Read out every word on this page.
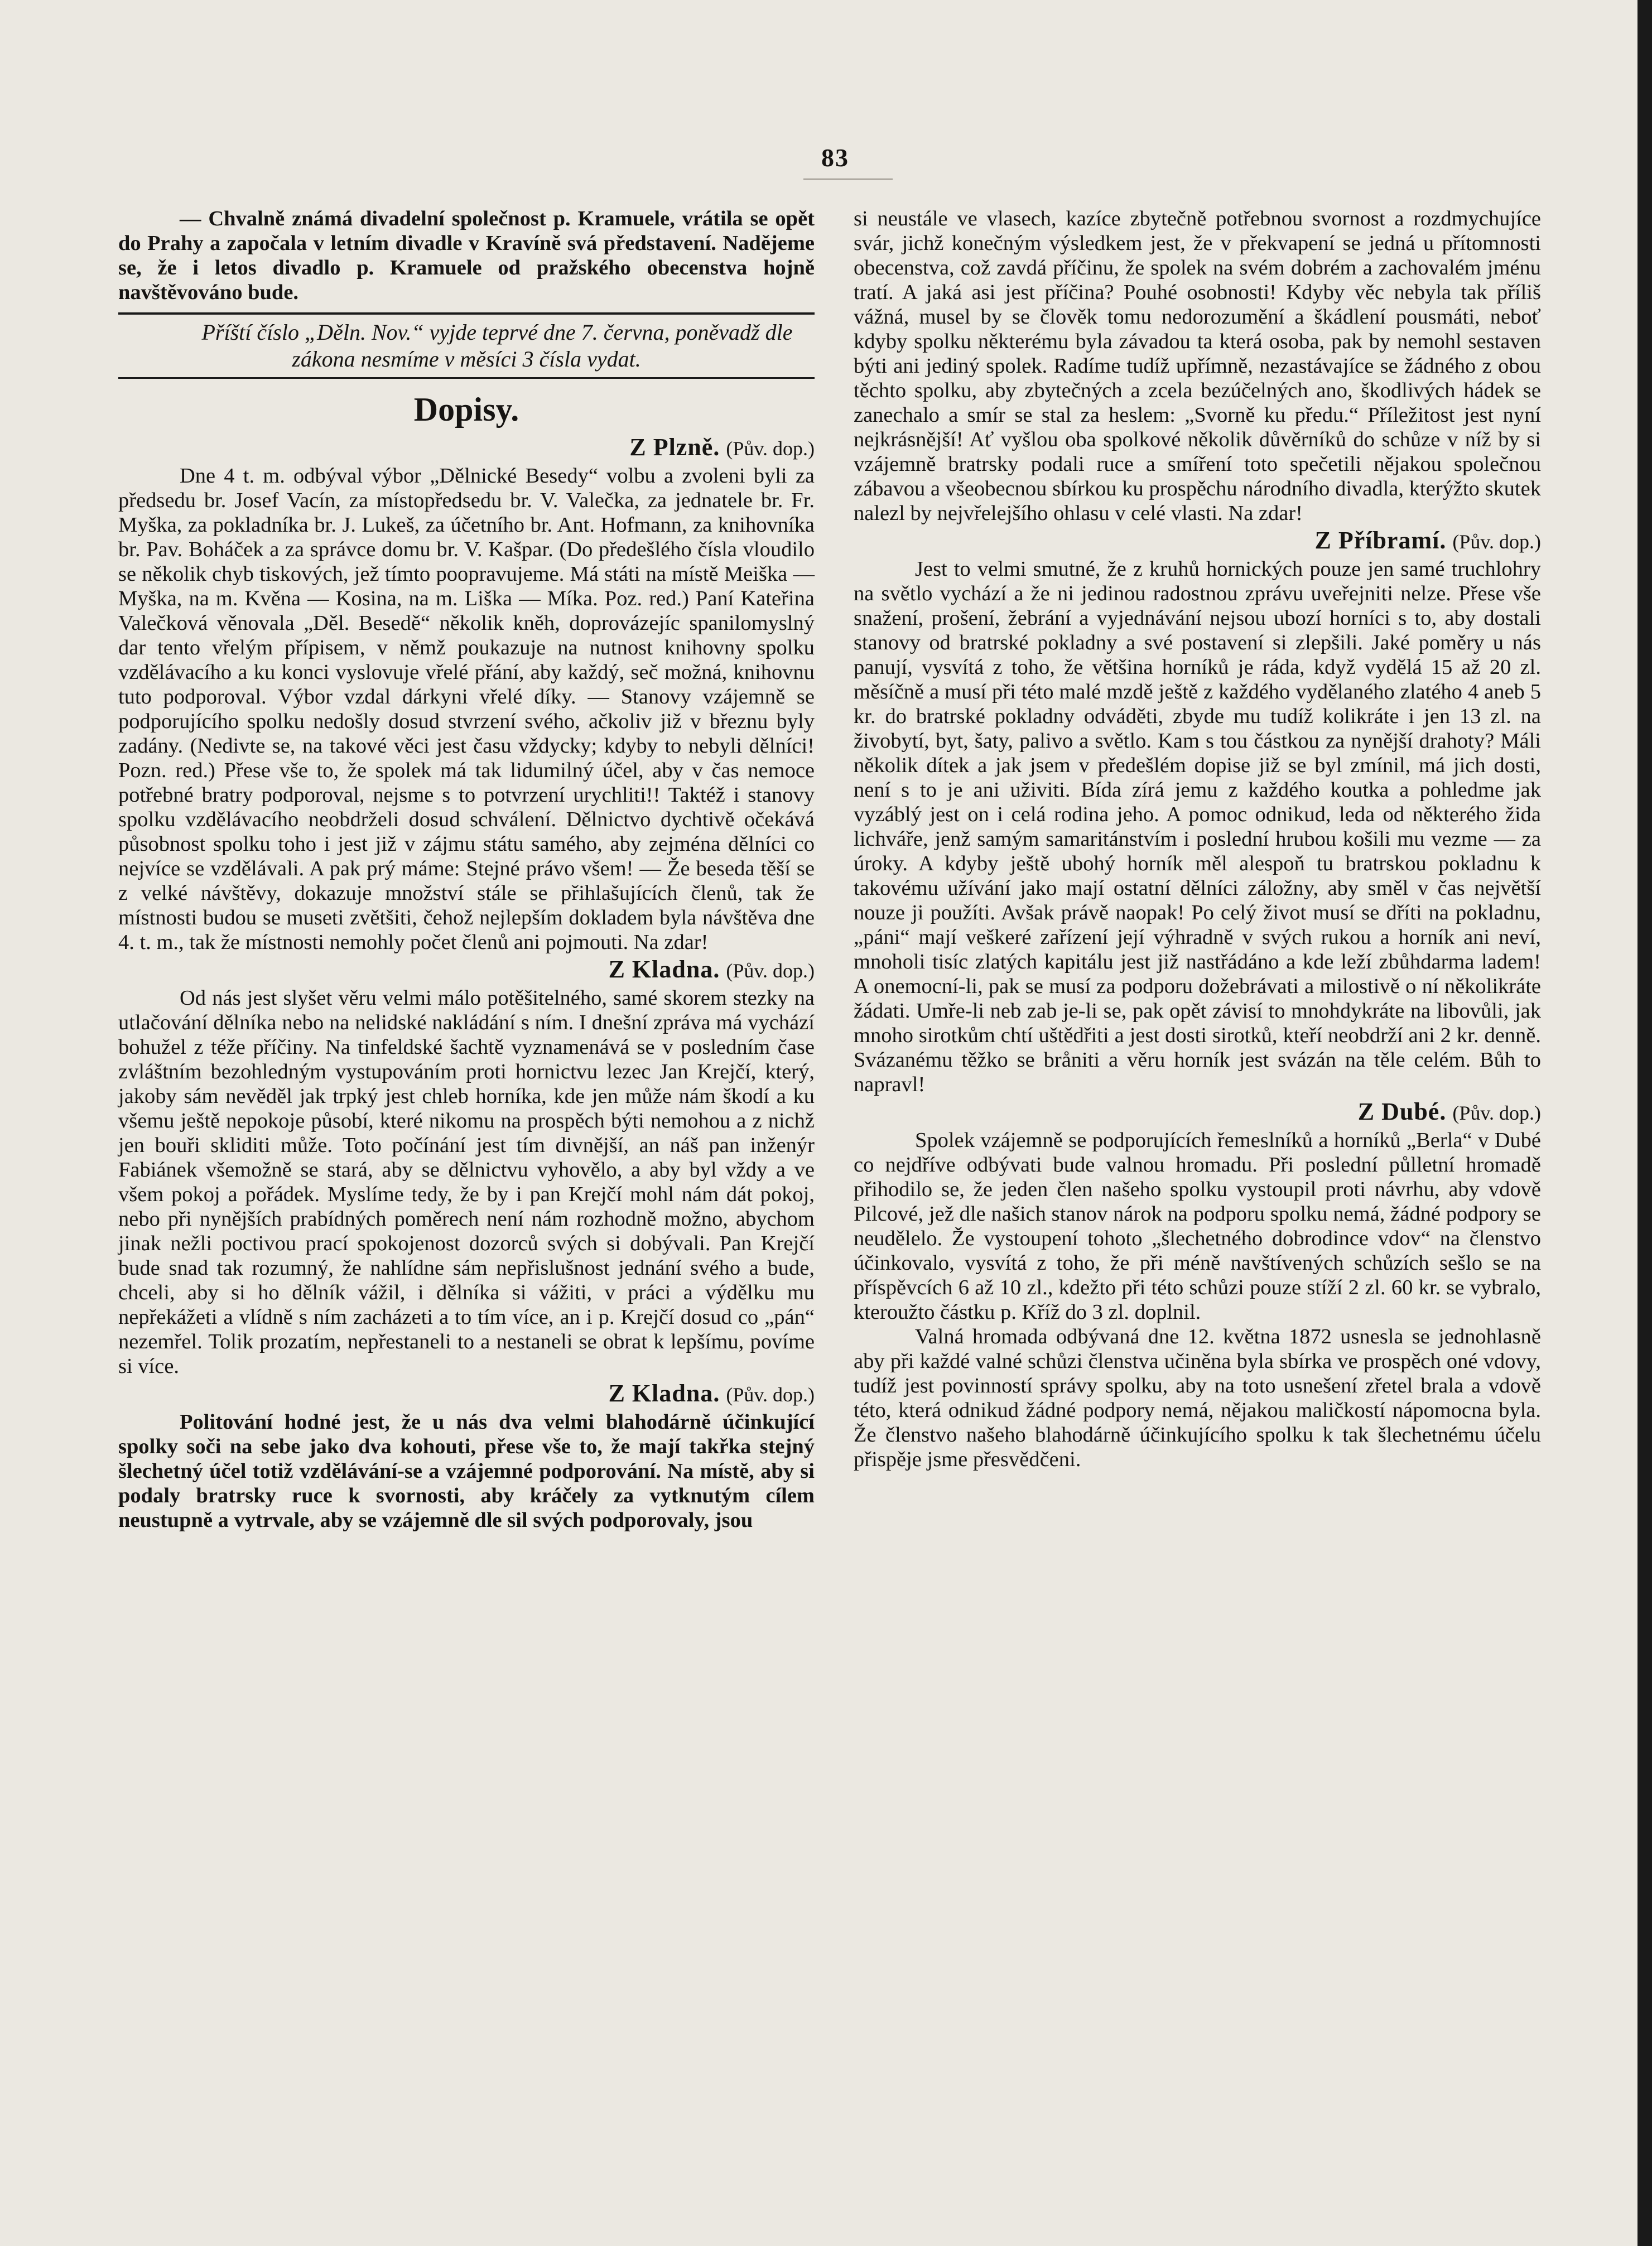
83

— Chvalně známá divadelní společnost p. Kramuele, vrátila se opět do Prahy a započala v letním divadle v Kravíně svá představení. Nadějeme se, že i letos divadlo p. Kramuele od pražského obecenstva hojně navštěvováno bude.

Příští číslo „Děln. Nov.“ vyjde teprvé dne 7. června, poněvadž dle zákona nesmíme v měsíci 3 čísla vydat.

Dopisy.

Z Plzně. (Pův. dop.)

Dne 4 t. m. odbýval výbor „Dělnické Besedy“ volbu a zvoleni byli za předsedu br. Josef Vacín, za místopředsedu br. V. Valečka, za jednatele br. Fr. Myška, za pokladníka br. J. Lukeš, za účetního br. Ant. Hofmann, za knihovníka br. Pav. Boháček a za správce domu br. V. Kašpar. (Do předešlého čísla vloudilo se několik chyb tiskových, jež tímto poopravujeme. Má státi na místě Meiška — Myška, na m. Kvěna — Kosina, na m. Liška — Míka. Poz. red.) Paní Kateřina Valečková věnovala „Děl. Besedě“ několik kněh, doprovázejíc spanilomyslný dar tento vřelým přípisem, v němž poukazuje na nutnost knihovny spolku vzdělávacího a ku konci vyslovuje vřelé přání, aby každý, seč možná, knihovnu tuto podporoval. Výbor vzdal dárkyni vřelé díky. — Stanovy vzájemně se podporujícího spolku nedošly dosud stvrzení svého, ačkoliv již v březnu byly zadány. (Nedivte se, na takové věci jest času vždycky; kdyby to nebyli dělníci! Pozn. red.) Přese vše to, že spolek má tak lidumilný účel, aby v čas nemoce potřebné bratry podporoval, nejsme s to potvrzení urychliti!! Taktéž i stanovy spolku vzdělávacího neobdrželi dosud schválení. Dělnictvo dychtivě očekává působnost spolku toho i jest již v zájmu státu samého, aby zejména dělníci co nejvíce se vzdělávali. A pak prý máme: Stejné právo všem! — Že beseda těší se z velké návštěvy, dokazuje množství stále se přihlašujících členů, tak že místnosti budou se museti zvětšiti, čehož nejlepším dokladem byla návštěva dne 4. t. m., tak že místnosti nemohly počet členů ani pojmouti. Na zdar!

Z Kladna. (Pův. dop.)

Od nás jest slyšet věru velmi málo potěšitelného, samé skorem stezky na utlačování dělníka nebo na nelidské nakládání s ním. I dnešní zpráva má vychází bohužel z téže příčiny. Na tinfeldské šachtě vyznamenává se v posledním čase zvláštním bezohledným vystupováním proti hornictvu lezec Jan Krejčí, který, jakoby sám nevěděl jak trpký jest chleb horníka, kde jen může nám škodí a ku všemu ještě nepokoje působí, které nikomu na prospěch býti nemohou a z nichž jen bouři skliditi může. Toto počínání jest tím divnější, an náš pan inženýr Fabiánek všemožně se stará, aby se dělnictvu vyhovělo, a aby byl vždy a ve všem pokoj a pořádek. Myslíme tedy, že by i pan Krejčí mohl nám dát pokoj, nebo při nynějších prabídných poměrech není nám rozhodně možno, abychom jinak nežli poctivou prací spokojenost dozorců svých si dobývali. Pan Krejčí bude snad tak rozumný, že nahlídne sám nepřislušnost jednání svého a bude, chceli, aby si ho dělník vážil, i dělníka si vážiti, v práci a výdělku mu nepřekážeti a vlídně s ním zacházeti a to tím více, an i p. Krejčí dosud co „pán“ nezemřel. Tolik prozatím, nepřestaneli to a nestaneli se obrat k lepšímu, povíme si více.

Z Kladna. (Pův. dop.)

Politování hodné jest, že u nás dva velmi blahodárně účinkující spolky soči na sebe jako dva kohouti, přese vše to, že mají takřka stejný šlechetný účel totiž vzdělávání-se a vzájemné podporování. Na místě, aby si podaly bratrsky ruce k svornosti, aby kráčely za vytknutým cílem neustupně a vytrvale, aby se vzájemně dle sil svých podporovaly, jsou

si neustále ve vlasech, kazíce zbytečně potřebnou svornost a rozdmychujíce svár, jichž konečným výsledkem jest, že v překvapení se jedná u přítomnosti obecenstva, což zavdá příčinu, že spolek na svém dobrém a zachovalém jménu tratí. A jaká asi jest příčina? Pouhé osobnosti! Kdyby věc nebyla tak příliš vážná, musel by se člověk tomu nedorozumění a škádlení pousmáti, neboť kdyby spolku některému byla závadou ta která osoba, pak by nemohl sestaven býti ani jediný spolek. Radíme tudíž upřímně, nezastávajíce se žádného z obou těchto spolku, aby zbytečných a zcela bezúčelných ano, škodlivých hádek se zanechalo a smír se stal za heslem: „Svorně ku předu.“ Příležitost jest nyní nejkrásnější! Ať vyšlou oba spolkové několik důvěrníků do schůze v níž by si vzájemně bratrsky podali ruce a smíření toto spečetili nějakou společnou zábavou a všeobecnou sbírkou ku prospěchu národního divadla, kterýžto skutek nalezl by nejvřelejšího ohlasu v celé vlasti. Na zdar!

Z Příbramí. (Pův. dop.)

Jest to velmi smutné, že z kruhů hornických pouze jen samé truchlohry na světlo vychází a že ni jedinou radostnou zprávu uveřejniti nelze. Přese vše snažení, prošení, žebrání a vyjednávání nejsou ubozí horníci s to, aby dostali stanovy od bratrské pokladny a své postavení si zlepšili. Jaké poměry u nás panují, vysvítá z toho, že většina horníků je ráda, když vydělá 15 až 20 zl. měsíčně a musí při této malé mzdě ještě z každého vydělaného zlatého 4 aneb 5 kr. do bratrské pokladny odváděti, zbyde mu tudíž kolikráte i jen 13 zl. na živobytí, byt, šaty, palivo a světlo. Kam s tou částkou za nynější drahoty? Máli několik dítek a jak jsem v předešlém dopise již se byl zmínil, má jich dosti, není s to je ani uživiti. Bída zírá jemu z každého koutka a pohledme jak vyzáblý jest on i celá rodina jeho. A pomoc odnikud, leda od některého žida lichváře, jenž samým samaritánstvím i poslední hrubou košili mu vezme — za úroky. A kdyby ještě ubohý horník měl alespoň tu bratrskou pokladnu k takovému užívání jako mají ostatní dělníci záložny, aby směl v čas největší nouze ji použíti. Avšak právě naopak! Po celý život musí se dříti na pokladnu, „páni“ mají veškeré zařízení její výhradně v svých rukou a horník ani neví, mnoholi tisíc zlatých kapitálu jest již nastřádáno a kde leží zbůhdarma ladem! A onemocní-li, pak se musí za podporu dožebrávati a milostivě o ní několikráte žádati. Umře-li neb zab je-li se, pak opět závisí to mnohdykráte na libovůli, jak mnoho sirotkům chtí uštědřiti a jest dosti sirotků, kteří neobdrží ani 2 kr. denně. Svázanému těžko se bråniti a věru horník jest svázán na těle celém. Bůh to napravl!

Z Dubé. (Pův. dop.)

Spolek vzájemně se podporujících řemeslníků a horníků „Berla“ v Dubé co nejdříve odbývati bude valnou hromadu. Při poslední půlletní hromadě přihodilo se, že jeden člen našeho spolku vystoupil proti návrhu, aby vdově Pilcové, jež dle našich stanov nárok na podporu spolku nemá, žádné podpory se neudělelo. Že vystoupení tohoto „šlechetného dobrodince vdov“ na členstvo účinkovalo, vysvítá z toho, že při méně navštívených schůzích sešlo se na příspěvcích 6 až 10 zl., kdežto při této schůzi pouze stíží 2 zl. 60 kr. se vybralo, kteroužto částku p. Kříž do 3 zl. doplnil.

Valná hromada odbývaná dne 12. května 1872 usnesla se jednohlasně aby při každé valné schůzi členstva učiněna byla sbírka ve prospěch oné vdovy, tudíž jest povinností správy spolku, aby na toto usnešení zřetel brala a vdově této, která odnikud žádné podpory nemá, nějakou maličkostí nápomocna byla. Že členstvo našeho blahodárně účinkujícího spolku k tak šlechetnému účelu přispěje jsme přesvědčeni.
